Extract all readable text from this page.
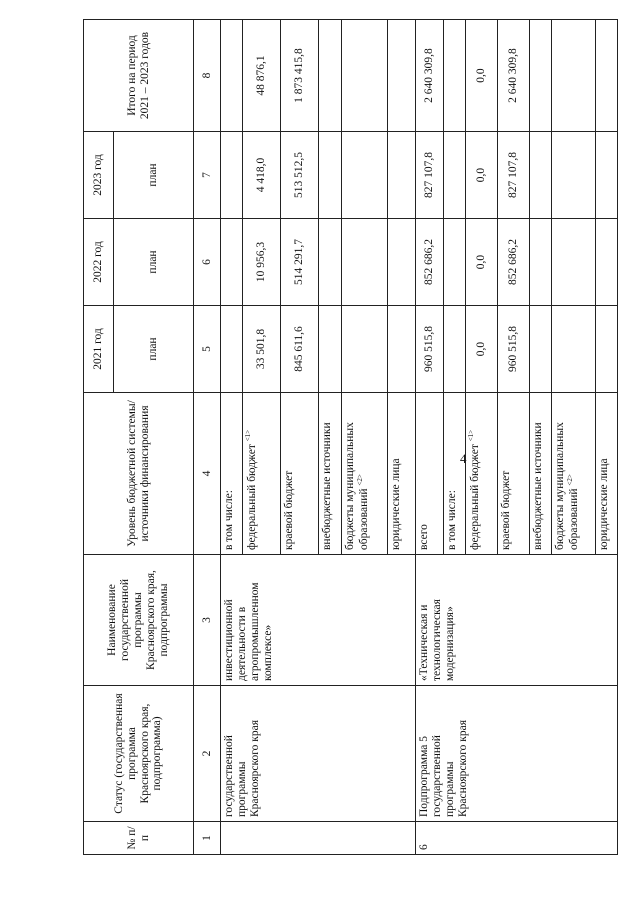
4
№ п/п	Статус (государственная программа Красноярского края, подпрограмма)	Наименование государственной программы Красноярского края, подпрограммы	Уровень бюджетной системы/источники финансирования	2021 год	2022 год	2023 год	Итого на период 2021 – 2023 годов
				план	план	план	
1	2	3	4	5	6	7	8
	государственной программы Красноярского края	инвестиционной деятельности в агропромышленном комплексе»	в том числе:				
			федеральный бюджет $^{<1>}$	33 501,8	10 956,3	4 418,0	48 876,1
			краевой бюджет	845 611,6	514 291,7	513 512,5	1 873 415,8
			внебюджетные источники				
			бюджеты муниципальных образований $^{<2>}$				
			юридические лица				
6	Подпрограмма 5 государственной программы Красноярского края	«Техническая и технологическая модернизация»	всего	960 515,8	852 686,2	827 107,8	2 640 309,8
			в том числе:				
			федеральный бюджет $^{<1>}$	0,0	0,0	0,0	0,0
			краевой бюджет	960 515,8	852 686,2	827 107,8	2 640 309,8
			внебюджетные источники				
			бюджеты муниципальных образований $^{<2>}$				
			юридические лица				
